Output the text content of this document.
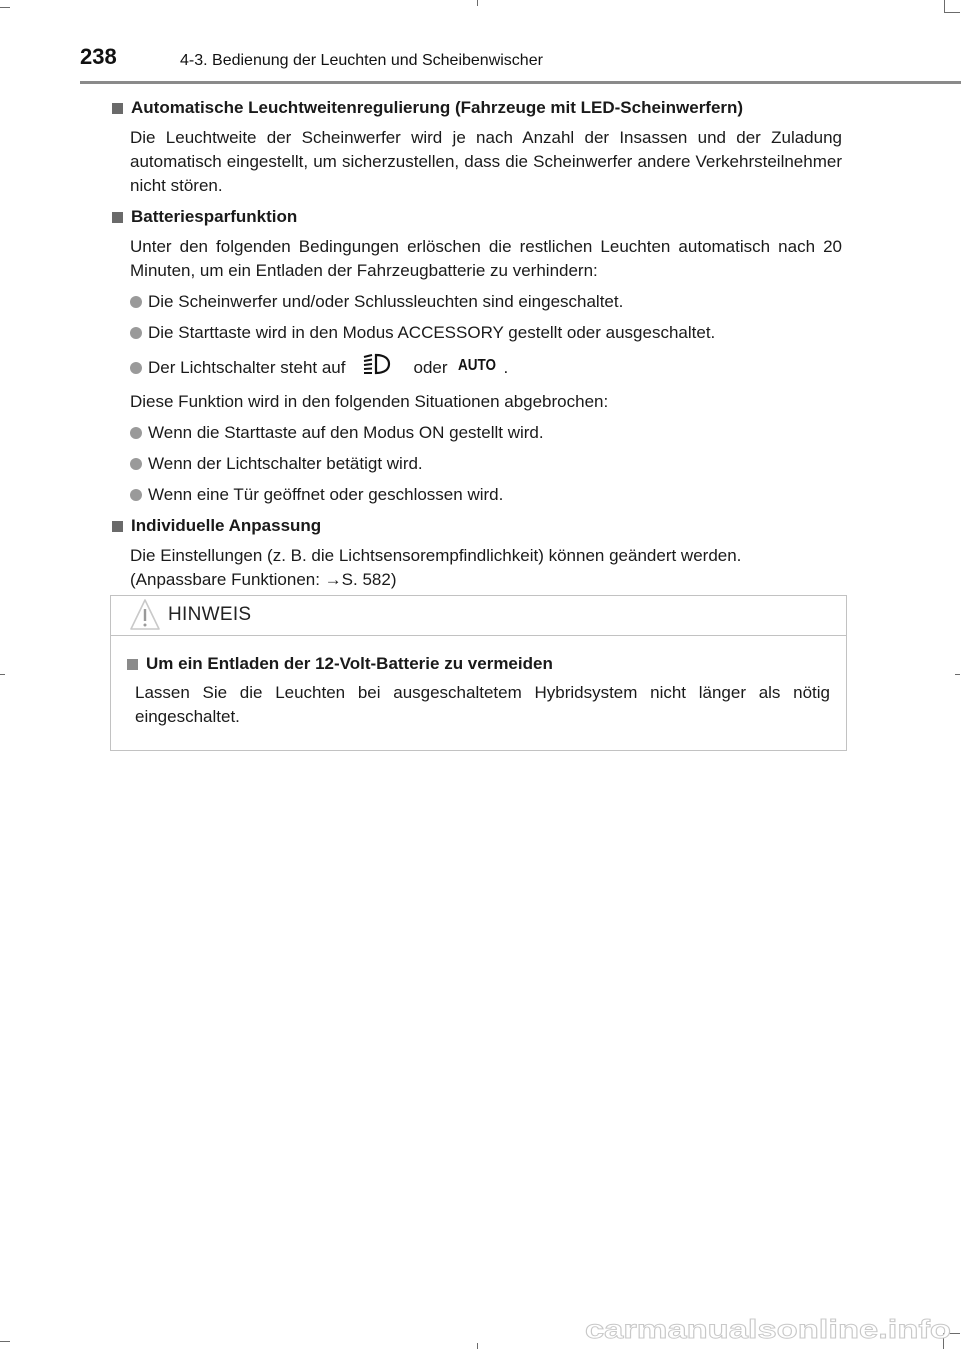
238	4-3. Bedienung der Leuchten und Scheibenwischer
Automatische Leuchtweitenregulierung (Fahrzeuge mit LED-Scheinwerfern)

Die Leuchtweite der Scheinwerfer wird je nach Anzahl der Insassen und der Zuladung automatisch eingestellt, um sicherzustellen, dass die Scheinwerfer andere Verkehrsteilnehmer nicht stören.

Batteriesparfunktion

Unter den folgenden Bedingungen erlöschen die restlichen Leuchten automatisch nach 20 Minuten, um ein Entladen der Fahrzeugbatterie zu verhindern:

Die Scheinwerfer und/oder Schlussleuchten sind eingeschaltet.
Die Starttaste wird in den Modus ACCESSORY gestellt oder ausgeschaltet.
Der Lichtschalter steht auf	oder AUTO .

Diese Funktion wird in den folgenden Situationen abgebrochen:

Wenn die Starttaste auf den Modus ON gestellt wird.
Wenn der Lichtschalter betätigt wird.
Wenn eine Tür geöffnet oder geschlossen wird.
Individuelle Anpassung

Die Einstellungen (z. B. die Lichtsensorempfindlichkeit) können geändert werden.
(Anpassbare Funktionen: →S. 582)

HINWEIS
Um ein Entladen der 12-Volt-Batterie zu vermeiden

Lassen Sie die Leuchten bei ausgeschaltetem Hybridsystem nicht länger als nötig eingeschaltet.

carmanualsonline.info
